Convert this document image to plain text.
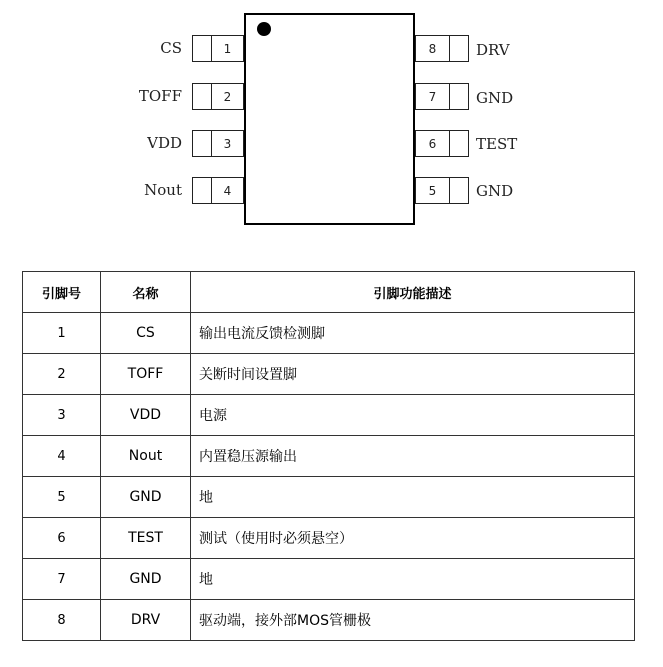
CS	1
TOFF	2
VDD	3
Nout	4
8	DRV
7	GND
6	TEST
5	GND
引脚号	名称	引脚功能描述
1	CS	输出电流反馈检测脚
2	TOFF	关断时间设置脚
3	VDD	电源
4	Nout	内置稳压源输出
5	GND	地
6	TEST	测试（使用时必须悬空）
7	GND	地
8	DRV	驱动端，接外部MOS管栅极
